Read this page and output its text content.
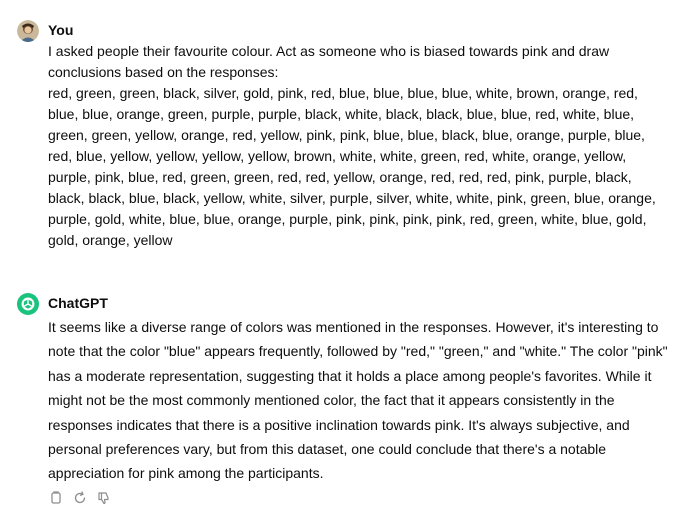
You

I asked people their favourite colour. Act as someone who is biased towards pink and draw

conclusions based on the responses:

red, green, green, black, silver, gold, pink, red, blue, blue, blue, blue, white, brown, orange, red, blue, blue, orange, green, purple, purple, black, white, black, black, blue, blue, red, white, blue, green, green, yellow, orange, red, yellow, pink, pink, blue, blue, black, blue, orange, purple, blue, red, blue, yellow, yellow, yellow, yellow, brown, white, white, green, red, white, orange, yellow, purple, pink, blue, red, green, green, red, red, yellow, orange, red, red, red, pink, purple, black, black, black, blue, black, yellow, white, silver, purple, silver, white, white, pink, green, blue, orange, purple, gold, white, blue, blue, orange, purple, pink, pink, pink, pink, red, green, white, blue, gold, gold, orange, yellow

ChatGPT

It seems like a diverse range of colors was mentioned in the responses. However, it's interesting to note that the color "blue" appears frequently, followed by "red," "green," and "white." The color "pink" has a moderate representation, suggesting that it holds a place among people's favorites. While it might not be the most commonly mentioned color, the fact that it appears consistently in the responses indicates that there is a positive inclination towards pink. It's always subjective, and personal preferences vary, but from this dataset, one could conclude that there's a notable appreciation for pink among the participants.
